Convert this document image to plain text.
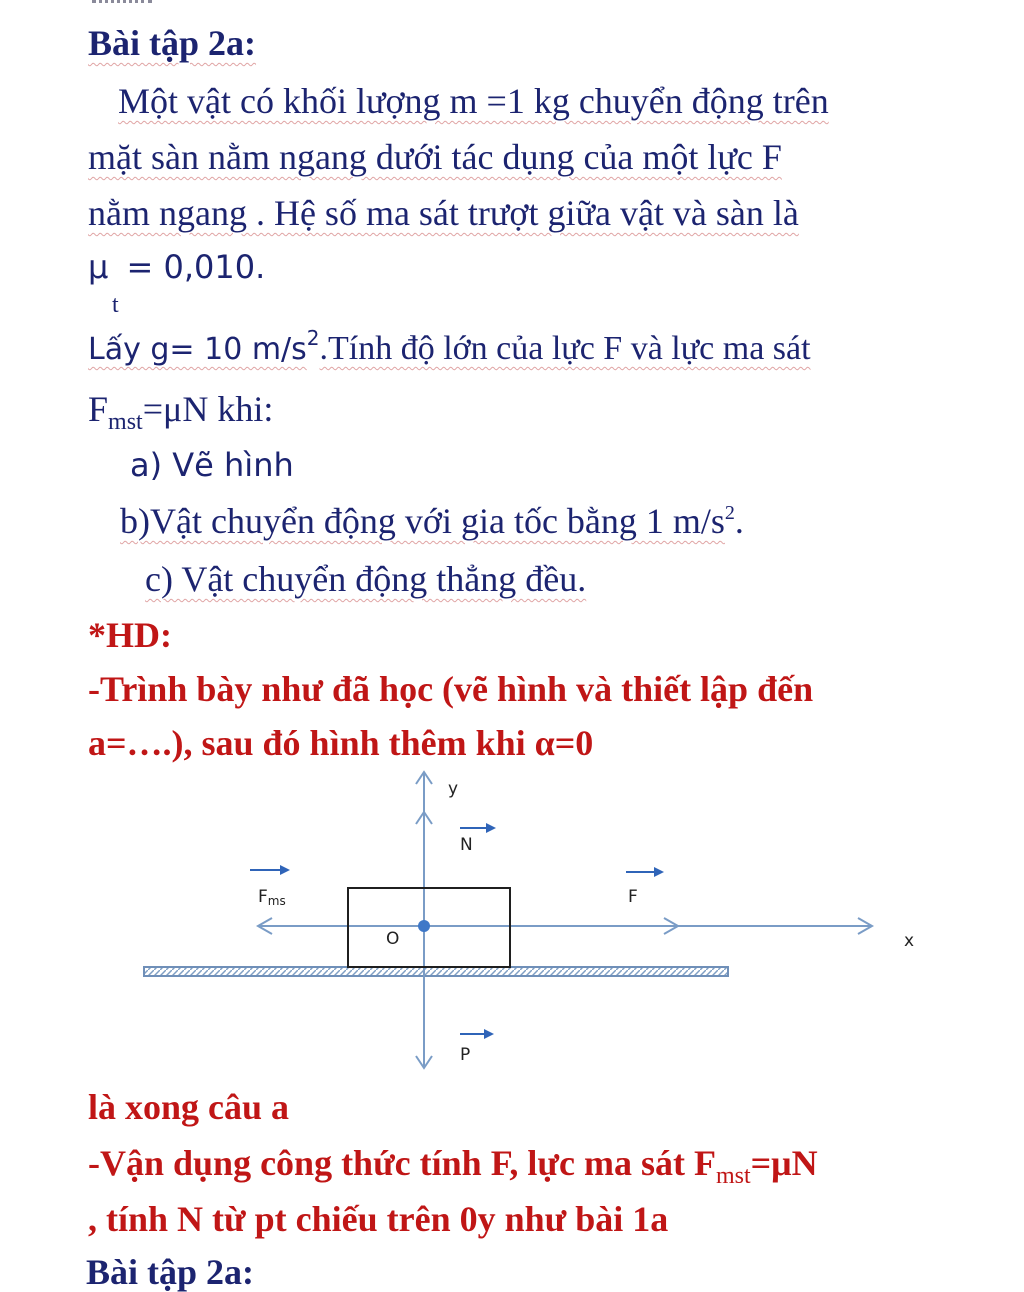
Bài tập 2a:
Một vật có khối lượng m =1 kg chuyển động trên
mặt sàn nằm ngang dưới tác dụng của một lực F
nằm ngang . Hệ số ma sát trượt giữa vật và sàn là
μ = 0,010.
t
Lấy g= 10 $m/s^2.Tính$ độ lớn của lực F và lực ma sát
$F_{mst}=\mu N$ khi:
a) Vẽ hình
b)Vật chuyển động với gia tốc bằng 1 $m/s^2$.
c) Vật chuyển động thẳng đều.
*HD:
-Trình bày như đã học (vẽ hình và thiết lập đến
a=….), sau đó hình thêm khi α=0
y
N
Fms	F
O	x
P
là xong câu a
-Vận dụng công thức tính F, lực ma sát $F_{mst}=\mu N$
, tính N từ pt chiếu trên 0y như bài 1a
Bài tập 2a:
